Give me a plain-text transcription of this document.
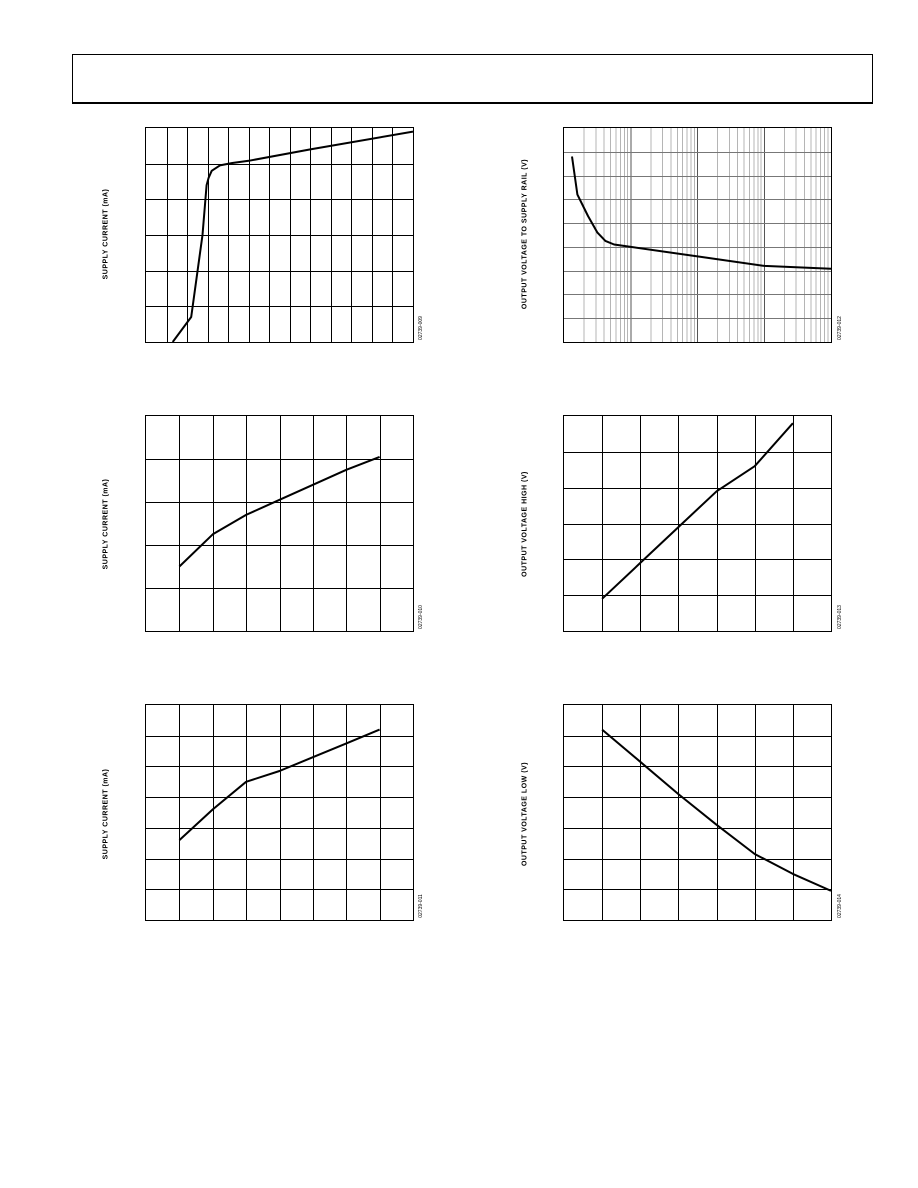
SUPPLY CURRENT (mA)
02739-009
OUTPUT VOLTAGE TO SUPPLY RAIL (V)
02739-012
SUPPLY CURRENT (mA)
02739-010
OUTPUT VOLTAGE HIGH (V)
02739-013
SUPPLY CURRENT (mA)
02739-011
OUTPUT VOLTAGE LOW (V)
02739-014
